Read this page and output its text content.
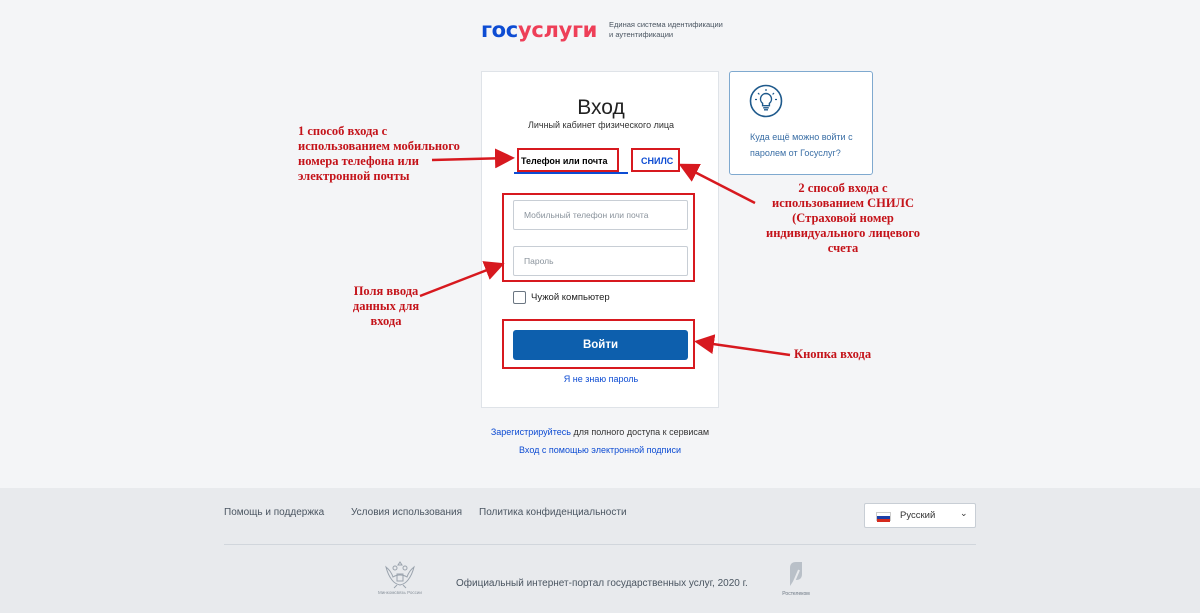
гос услуги Единая система идентификации и аутентификации
Вход
Личный кабинет физического лица
Телефон или почта	СНИЛС
Мобильный телефон или почта
Пароль
Чужой компьютер
Войти
Я не знаю пароль
Куда ещё можно войти с паролем от Госуслуг?
Зарегистрируйтесь для полного доступа к сервисам
Вход с помощью электронной подписи
Помощь и поддержка	Условия использования Политика конфиденциальности	Русский	⌄
Минкомсвязь России
Официальный интернет-портал государственных услуг, 2020 г.
Ростелеком
1 способ входа с использованием мобильного номера телефона или электронной почты
2 способ входа с использованием СНИЛС (Страховой номер индивидуального лицевого счета
Поля ввода данных для входа
Кнопка входа
